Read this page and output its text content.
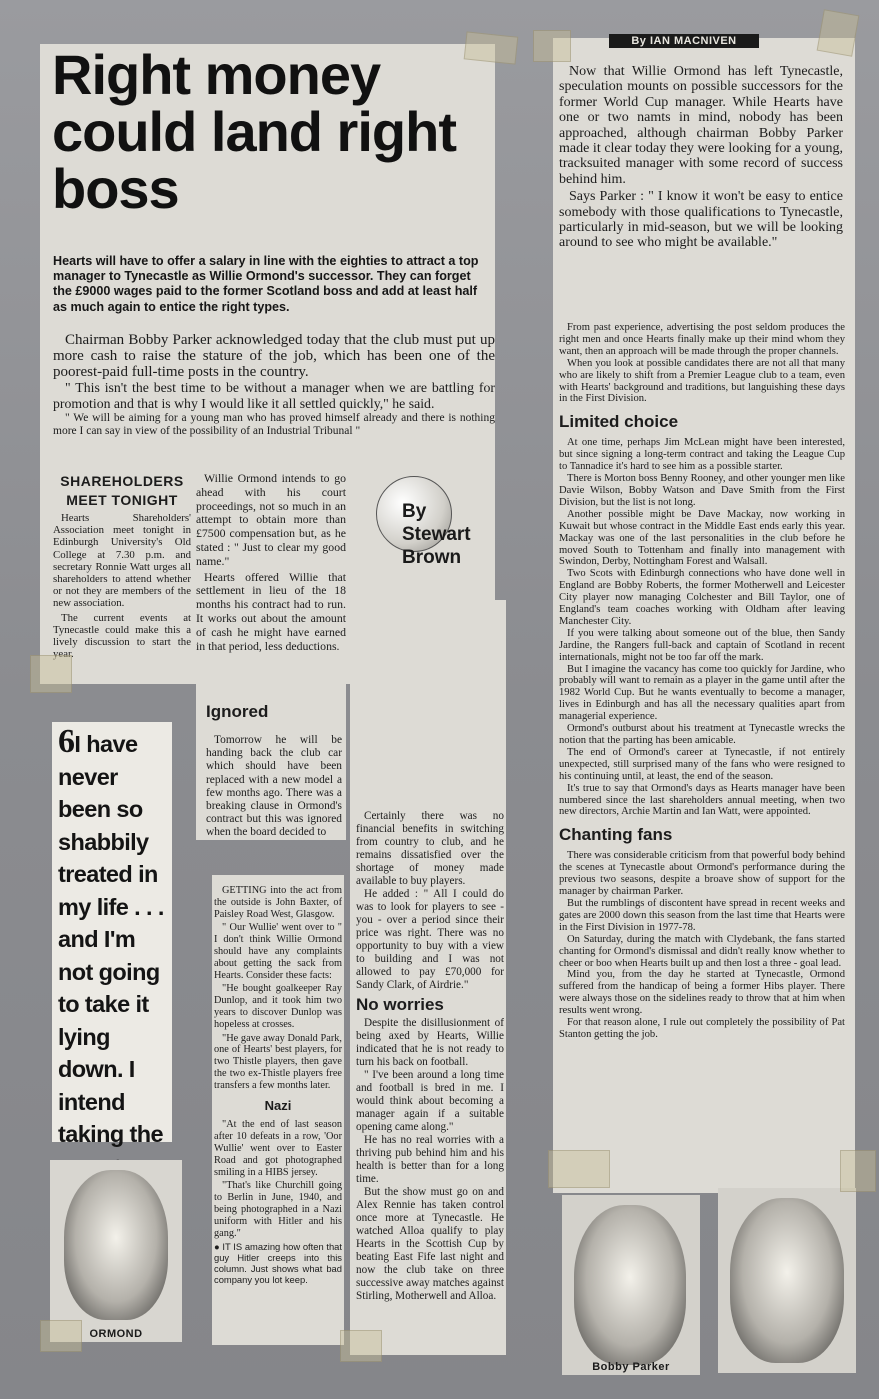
Right money could land right boss
Hearts will have to offer a salary in line with the eighties to attract a top manager to Tynecastle as Willie Ormond's successor. They can forget the £9000 wages paid to the former Scotland boss and add at least half as much again to entice the right types.

Chairman Bobby Parker acknowledged today that the club must put up more cash to raise the stature of the job, which has been one of the poorest-paid full-time posts in the country.

" This isn't the best time to be without a manager when we are battling for promotion and that is why I would like it all settled quickly," he said.

" We will be aiming for a young man who has proved himself already and there is nothing more I can say in view of the possibility of an Industrial Tribunal "

SHAREHOLDERS MEET TONIGHT

Hearts Shareholders' Association meet tonight in Edinburgh University's Old College at 7.30 p.m. and secretary Ronnie Watt urges all shareholders to attend whether or not they are members of the new association.

The current events at Tynecastle could make this a lively discussion to start the year.

Willie Ormond intends to go ahead with his court proceedings, not so much in an attempt to obtain more than £7500 compensation but, as he stated : " Just to clear my good name."

Hearts offered Willie that settlement in lieu of the 18 months his contract had to run. It works out about the amount of cash he might have earned in that period, less deductions.

By
Stewart Brown

Ignored

Tomorrow he will be handing back the club car which should have been replaced with a new model a few months ago. There was a breaking clause in Ormond's contract but this was ignored when the board decided to

Certainly there was no financial benefits in switching from country to club, and he remains dissatisfied over the shortage of money made available to buy players.

He added : " All I could do was to look for players to see - you - over a period since their price was right. There was no opportunity to buy with a view to building and I was not allowed to pay £70,000 for Sandy Clark, of Airdrie."

No worries

Despite the disillusionment of being axed by Hearts, Willie indicated that he is not ready to turn his back on football.

" I've been around a long time and football is bred in me. I would think about becoming a manager again if a suitable opening came along."

He has no real worries with a thriving pub behind him and his health is better than for a long time.

But the show must go on and Alex Rennie has taken control once more at Tynecastle. He watched Alloa qualify to play Hearts in the Scottish Cup by beating East Fife last night and now the club take on three successive away matches against Stirling, Motherwell and Alloa.

GETTING into the act from the outside is John Baxter, of Paisley Road West, Glasgow.

" Our Wullie' went over to " I don't think Willie Ormond should have any complaints about getting the sack from Hearts. Consider these facts:

"He bought goalkeeper Ray Dunlop, and it took him two years to discover Dunlop was hopeless at crosses.

"He gave away Donald Park, one of Hearts' best players, for two Thistle players, then gave the two ex-Thistle players free transfers a few months later.

Nazi

"At the end of last season after 10 defeats in a row, 'Oor Wullie' went over to Easter Road and got photographed smiling in a HIBS jersey.

"That's like Churchill going to Berlin in June, 1940, and being photographed in a Nazi uniform with Hitler and his gang."

● IT IS amazing how often that guy Hitler creeps into this column. Just shows what bad company you lot keep.

6I have never been so shabbily treated in my life . . . and I'm not going to take it lying down. I intend taking the
ORMOND
By IAN MACNIVEN

Now that Willie Ormond has left Tynecastle, speculation mounts on possible successors for the former World Cup manager. While Hearts have one or two namts in mind, nobody has been approached, although chairman Bobby Parker made it clear today they were looking for a young, tracksuited manager with some record of success behind him.

Says Parker : " I know it won't be easy to entice somebody with those qualifications to Tynecastle, particularly in mid-season, but we will be looking around to see who might be available."

From past experience, advertising the post seldom produces the right men and once Hearts finally make up their mind whom they want, then an approach will be made through the proper channels.

When you look at possible candidates there are not all that many who are likely to shift from a Premier League club to a team, even with Hearts' background and traditions, but languishing these days in the First Division.

Limited choice

At one time, perhaps Jim McLean might have been interested, but since signing a long-term contract and taking the League Cup to Tannadice it's hard to see him as a possible starter.

There is Morton boss Benny Rooney, and other younger men like Davie Wilson, Bobby Watson and Dave Smith from the First Division, but the list is not long.

Another possible might be Dave Mackay, now working in Kuwait but whose contract in the Middle East ends early this year. Mackay was one of the last personalities in the club before he moved South to Tottenham and finally into management with Swindon, Derby, Nottingham Forest and Walsall.

Two Scots with Edinburgh connections who have done well in England are Bobby Roberts, the former Motherwell and Leicester City player now managing Colchester and Bill Taylor, one of England's team coaches working with Oldham after leaving Manchester City.

If you were talking about someone out of the blue, then Sandy Jardine, the Rangers full-back and captain of Scotland in recent internationals, might not be too far off the mark.

But I imagine the vacancy has come too quickly for Jardine, who probably will want to remain as a player in the game until after the 1982 World Cup. But he wants eventually to become a manager, lives in Edinburgh and has all the necessary qualities apart from managerial experience.

Ormond's outburst about his treatment at Tynecastle wrecks the notion that the parting has been amicable.

The end of Ormond's career at Tynecastle, if not entirely unexpected, still surprised many of the fans who were resigned to his continuing until, at least, the end of the season.

It's true to say that Ormond's days as Hearts manager have been numbered since the last shareholders annual meeting, when two new directors, Archie Martin and Ian Watt, were appointed.

Chanting fans

There was considerable criticism from that powerful body behind the scenes at Tynecastle about Ormond's performance during the previous two seasons, despite a broave show of support for the manager by chairman Parker.

But the rumblings of discontent have spread in recent weeks and gates are 2000 down this season from the last time that Hearts were in the First Division in 1977-78.

On Saturday, during the match with Clydebank, the fans started chanting for Ormond's dismissal and didn't really know whether to cheer or boo when Hearts built up and then lost a three - goal lead.

Mind you, from the day he started at Tynecastle, Ormond suffered from the handicap of being a former Hibs player. There were always those on the sidelines ready to throw that at him when results went wrong.

For that reason alone, I rule out completely the possibility of Pat Stanton getting the job.

Bobby Parker
